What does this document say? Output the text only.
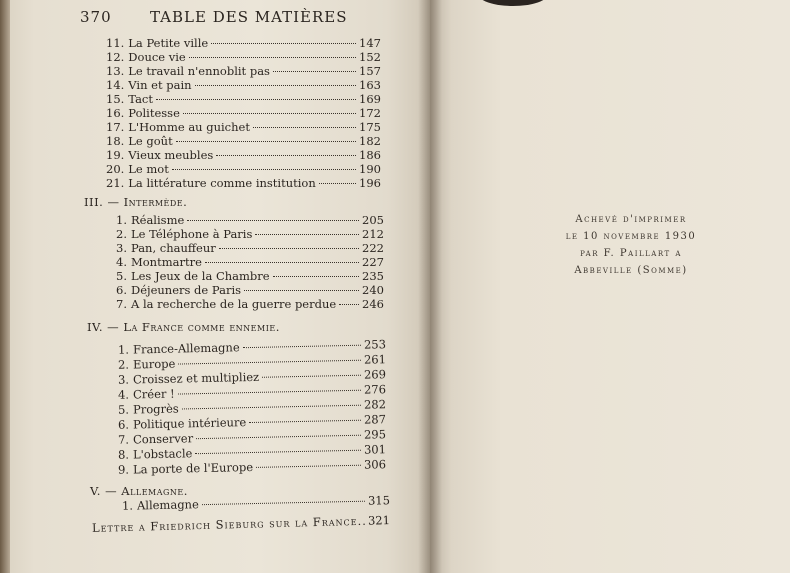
370	TABLE DES MATIÈRES
11. La Petite ville	147
12. Douce vie	152
13. Le travail n'ennoblit pas	157
14. Vin et pain	163
15. Tact	169
16. Politesse	172
17. L'Homme au guichet	175
18. Le goût	182
19. Vieux meubles	186
20. Le mot	190
21. La littérature comme institution	196
III. — Intermède.
1. Réalisme	205
2. Le Téléphone à Paris	212
3. Pan, chauffeur	222
4. Montmartre	227
5. Les Jeux de la Chambre	235
6. Déjeuners de Paris	240
7. A la recherche de la guerre perdue 246
IV. — La France comme ennemie.
1. France-Allemagne	253
2. Europe	261
3. Croissez et multipliez	269
4. Créer !	276
5. Progrès	282
6. Politique intérieure	287
7. Conserver	295
8. L'obstacle	301
9. La porte de l'Europe	306
V. — Allemagne.
1. Allemagne	315
Lettre a Friedrich Sieburg sur la France.. 321
Achevé d'imprimer
le 10 novembre 1930
par F. Paillart a
Abbeville (Somme)
